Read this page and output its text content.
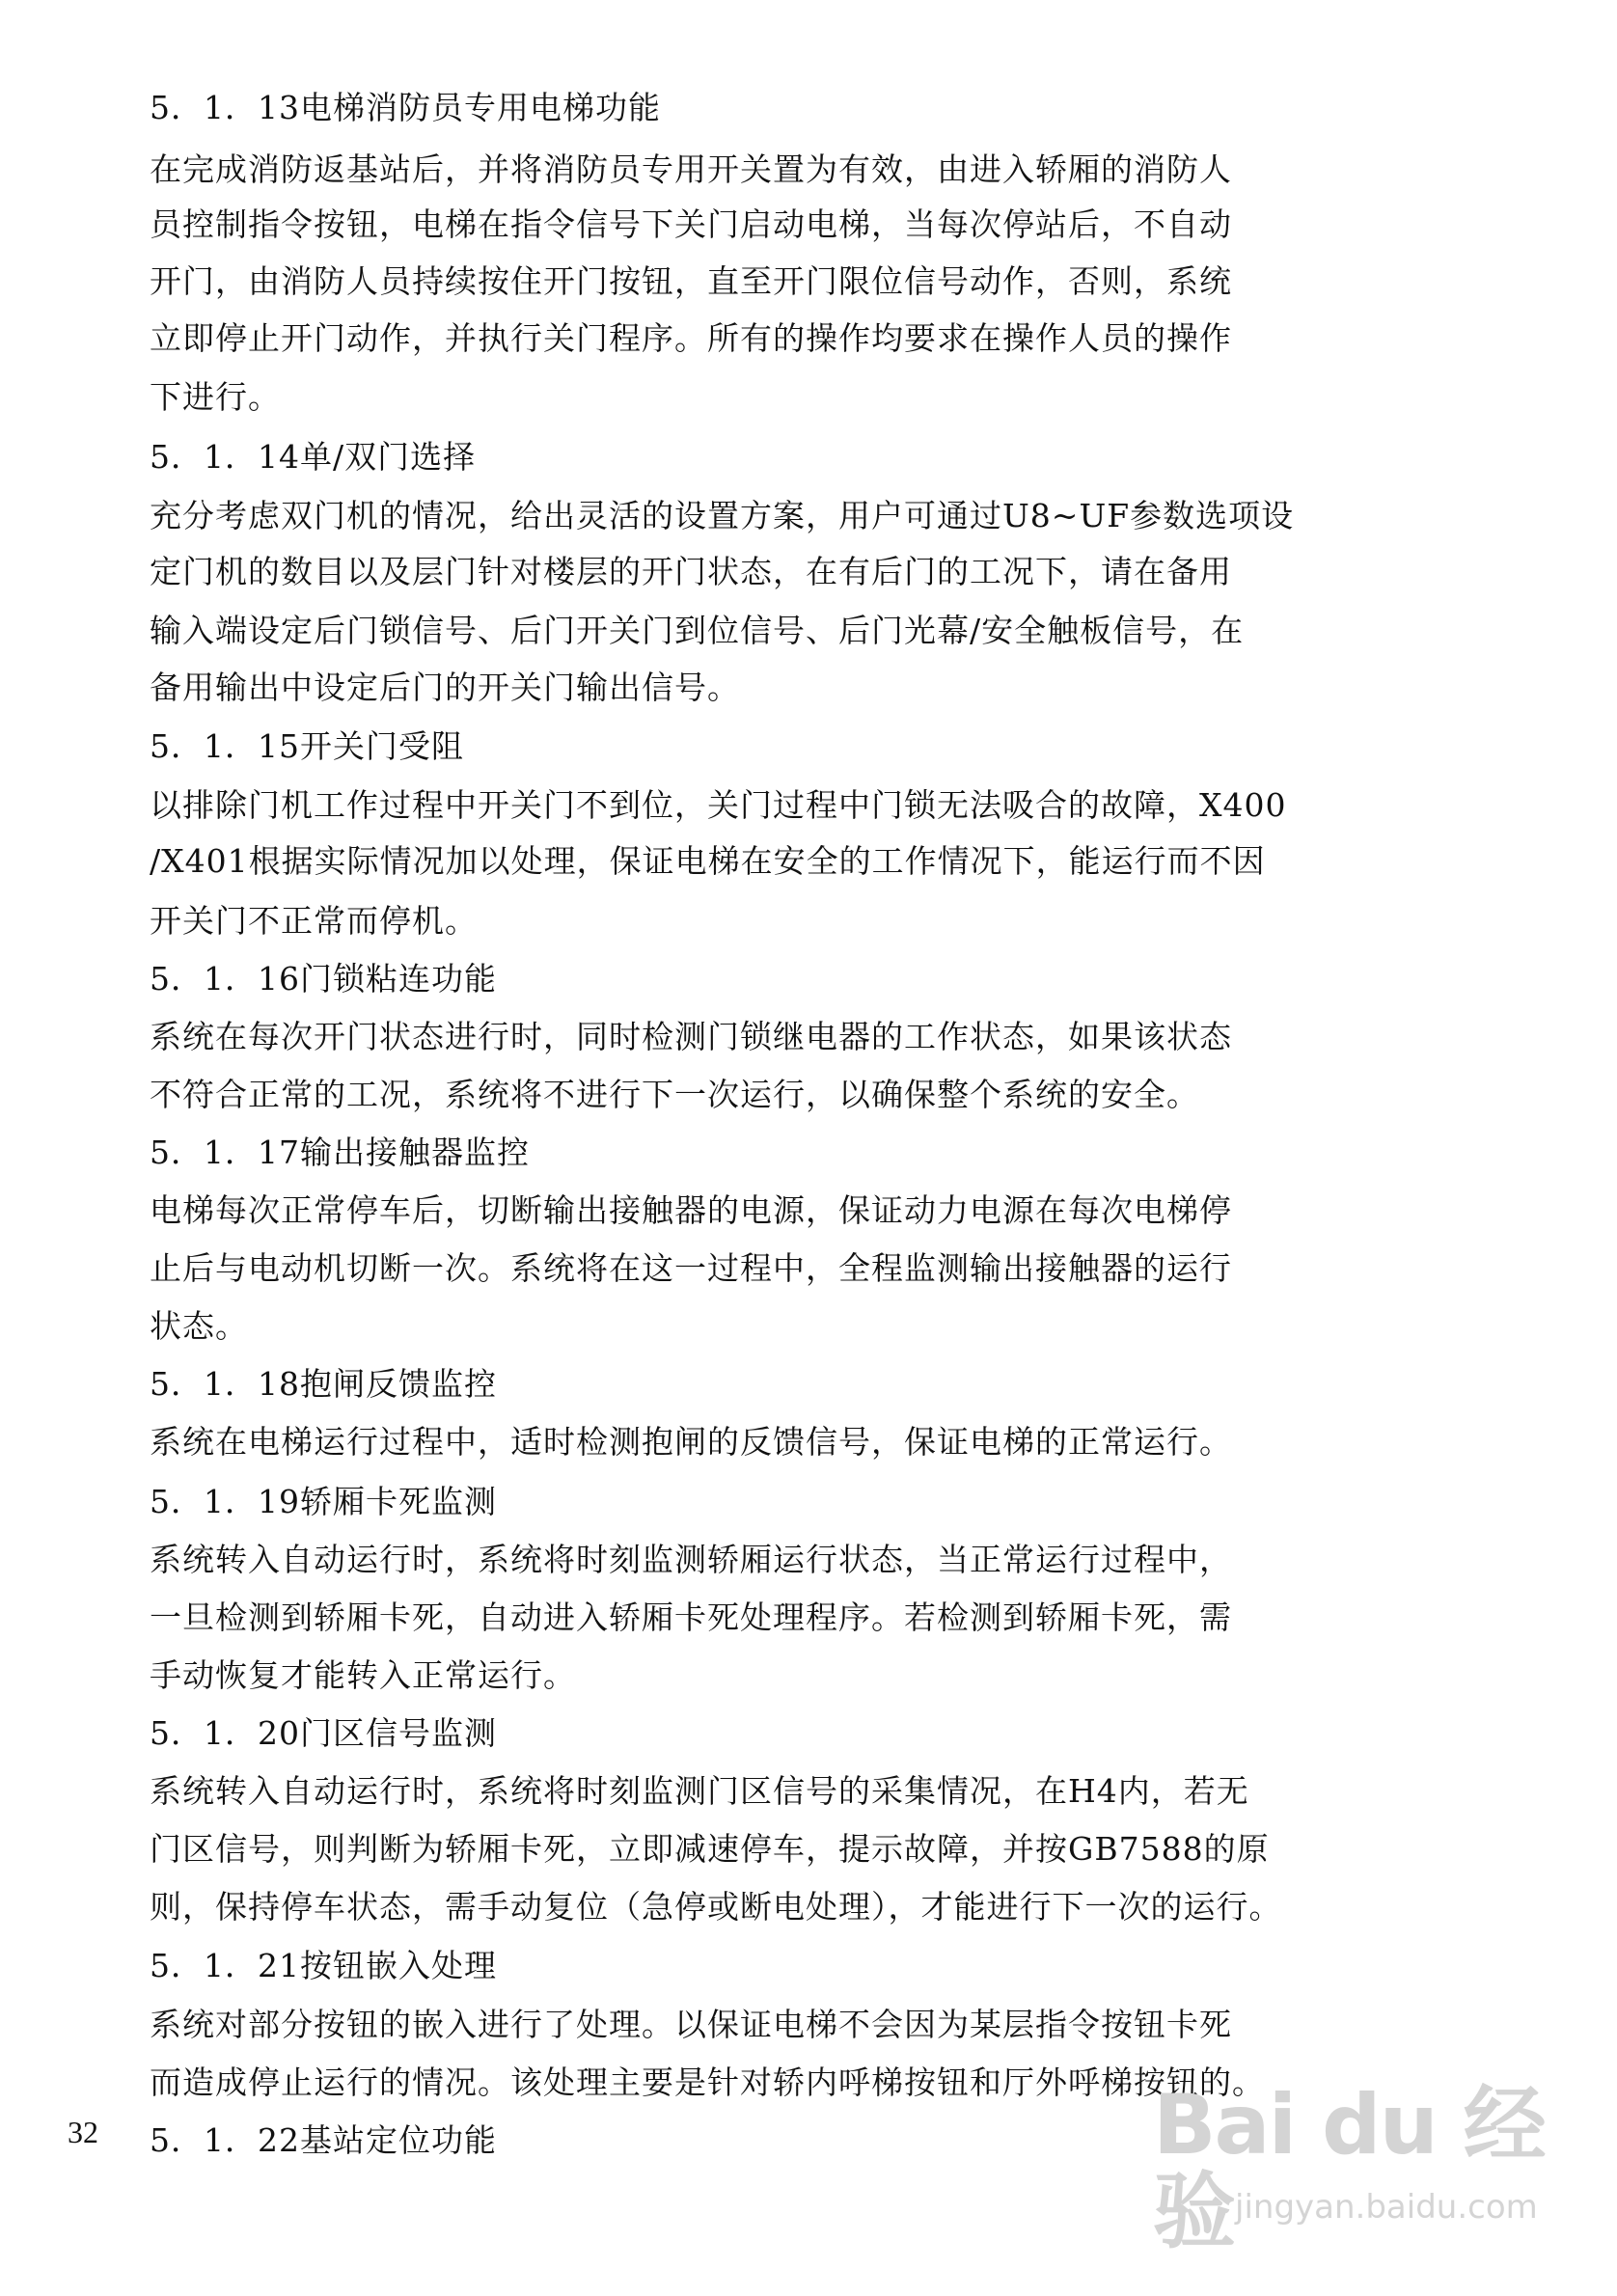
5．1．13电梯消防员专用电梯功能
在完成消防返基站后，并将消防员专用开关置为有效，由进入轿厢的消防人
员控制指令按钮，电梯在指令信号下关门启动电梯，当每次停站后，不自动
开门，由消防人员持续按住开门按钮，直至开门限位信号动作，否则，系统
立即停止开门动作，并执行关门程序。所有的操作均要求在操作人员的操作
下进行。
5．1．14单/双门选择
充分考虑双门机的情况，给出灵活的设置方案，用户可通过U8~UF参数选项设
定门机的数目以及层门针对楼层的开门状态，在有后门的工况下，请在备用
输入端设定后门锁信号、后门开关门到位信号、后门光幕/安全触板信号，在
备用输出中设定后门的开关门输出信号。
5．1．15开关门受阻
以排除门机工作过程中开关门不到位，关门过程中门锁无法吸合的故障，X400
/X401根据实际情况加以处理，保证电梯在安全的工作情况下，能运行而不因
开关门不正常而停机。
5．1．16门锁粘连功能
系统在每次开门状态进行时，同时检测门锁继电器的工作状态，如果该状态
不符合正常的工况，系统将不进行下一次运行，以确保整个系统的安全。
5．1．17输出接触器监控
电梯每次正常停车后，切断输出接触器的电源，保证动力电源在每次电梯停
止后与电动机切断一次。系统将在这一过程中，全程监测输出接触器的运行
状态。
5．1．18抱闸反馈监控
系统在电梯运行过程中，适时检测抱闸的反馈信号，保证电梯的正常运行。
5．1．19轿厢卡死监测
系统转入自动运行时，系统将时刻监测轿厢运行状态，当正常运行过程中，
一旦检测到轿厢卡死，自动进入轿厢卡死处理程序。若检测到轿厢卡死，需
手动恢复才能转入正常运行。
5．1．20门区信号监测
系统转入自动运行时，系统将时刻监测门区信号的采集情况，在H4内，若无
门区信号，则判断为轿厢卡死，立即减速停车，提示故障，并按GB7588的原
则，保持停车状态，需手动复位（急停或断电处理），才能进行下一次的运行。
5．1．21按钮嵌入处理
系统对部分按钮的嵌入进行了处理。以保证电梯不会因为某层指令按钮卡死
而造成停止运行的情况。该处理主要是针对轿内呼梯按钮和厅外呼梯按钮的。
5．1．22基站定位功能
32	Bai du 经验 jingyan.baidu.com
